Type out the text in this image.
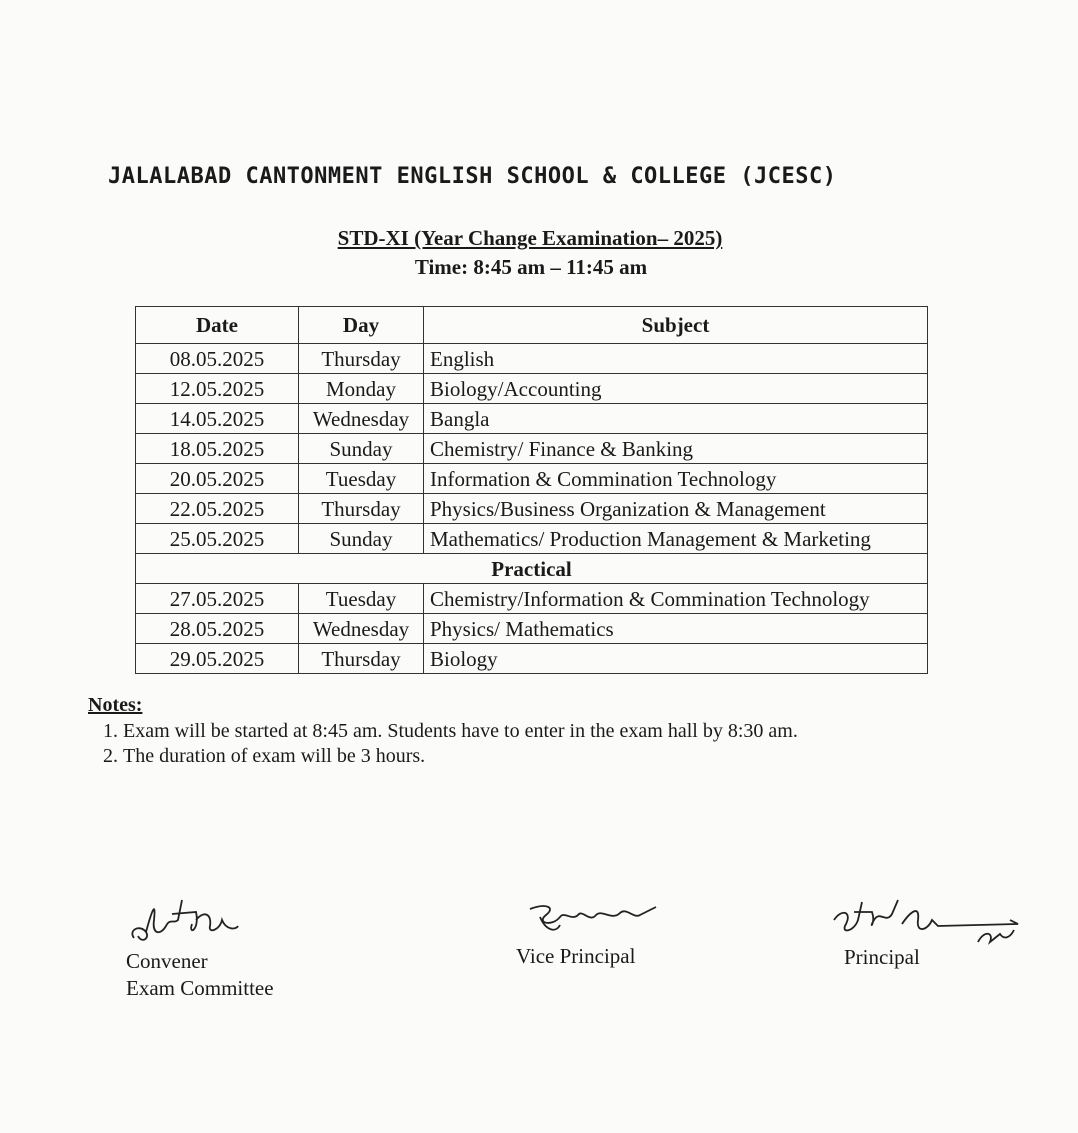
JALALABAD CANTONMENT ENGLISH SCHOOL & COLLEGE (JCESC)
STD-XI (Year Change Examination– 2025)
Time: 8:45 am – 11:45 am
Date	Day	Subject
08.05.2025	Thursday	English
12.05.2025	Monday	Biology/Accounting
14.05.2025	Wednesday	Bangla
18.05.2025	Sunday	Chemistry/ Finance & Banking
20.05.2025	Tuesday	Information & Commination Technology
22.05.2025	Thursday	Physics/Business Organization & Management
25.05.2025	Sunday	Mathematics/ Production Management & Marketing
Practical		
27.05.2025	Tuesday	Chemistry/Information & Commination Technology
28.05.2025	Wednesday	Physics/ Mathematics
29.05.2025	Thursday	Biology
Notes:
1. Exam will be started at 8:45 am. Students have to enter in the exam hall by 8:30 am.
2. The duration of exam will be 3 hours.
Convener
Exam Committee
Vice Principal	Principal
